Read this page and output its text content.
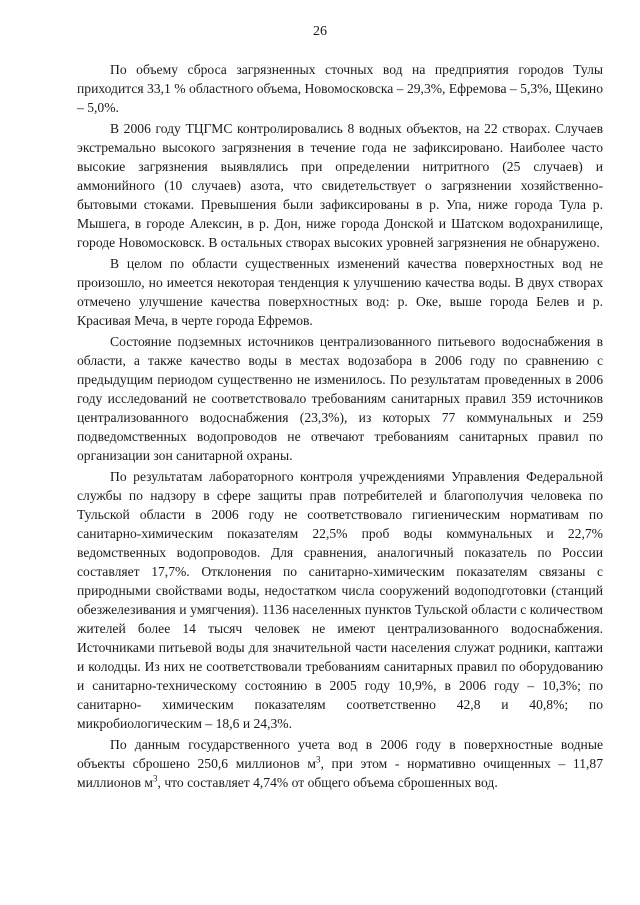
26

По объему сброса загрязненных сточных вод на предприятия городов Тулы приходится 33,1 % областного объема, Новомосковска – 29,3%, Ефремова – 5,3%, Щекино – 5,0%.

В 2006 году ТЦГМС контролировались 8 водных объектов, на 22 створах. Случаев экстремально высокого загрязнения в течение года не зафиксировано. Наиболее часто высокие загрязнения выявлялись при определении нитритного (25 случаев) и аммонийного (10 случаев) азота, что свидетельствует о загрязнении хозяйственно-бытовыми стоками. Превышения были зафиксированы в р. Упа, ниже города Тула р. Мышега, в городе Алексин, в р. Дон, ниже города Донской и Шатском водохранилище, городе Новомосковск. В остальных створах высоких уровней загрязнения не обнаружено.

В целом по области существенных изменений качества поверхностных вод не произошло, но имеется некоторая тенденция к улучшению качества воды. В двух створах отмечено улучшение качества поверхностных вод: р. Оке, выше города Белев и р. Красивая Меча, в черте города Ефремов.

Состояние подземных источников централизованного питьевого водоснабжения в области, а также качество воды в местах водозабора в 2006 году по сравнению с предыдущим периодом существенно не изменилось. По результатам проведенных в 2006 году исследований не соответствовало требованиям санитарных правил 359 источников централизованного водоснабжения (23,3%), из которых 77 коммунальных и 259 подведомственных водопроводов не отвечают требованиям санитарных правил по организации зон санитарной охраны.

По результатам лабораторного контроля учреждениями Управления Федеральной службы по надзору в сфере защиты прав потребителей и благополучия человека по Тульской области в 2006 году не соответствовало гигиеническим нормативам по санитарно-химическим показателям 22,5% проб воды коммунальных и 22,7% ведомственных водопроводов. Для сравнения, аналогичный показатель по России составляет 17,7%. Отклонения по санитарно-химическим показателям связаны с природными свойствами воды, недостатком числа сооружений водоподготовки (станций обезжелезивания и умягчения). 1136 населенных пунктов Тульской области с количеством жителей более 14 тысяч человек не имеют централизованного водоснабжения. Источниками питьевой воды для значительной части населения служат родники, каптажи и колодцы. Из них не соответствовали требованиям санитарных правил по оборудованию и санитарно-техническому состоянию в 2005 году 10,9%, в 2006 году – 10,3%; по санитарно- химическим показателям соответственно 42,8 и 40,8%; по микробиологическим – 18,6 и 24,3%.

По данным государственного учета вод в 2006 году в поверхностные водные объекты сброшено 250,6 миллионов $м^3$, при этом - нормативно очищенных – 11,87 миллионов $м^3$, что составляет 4,74% от общего объема сброшенных вод.
